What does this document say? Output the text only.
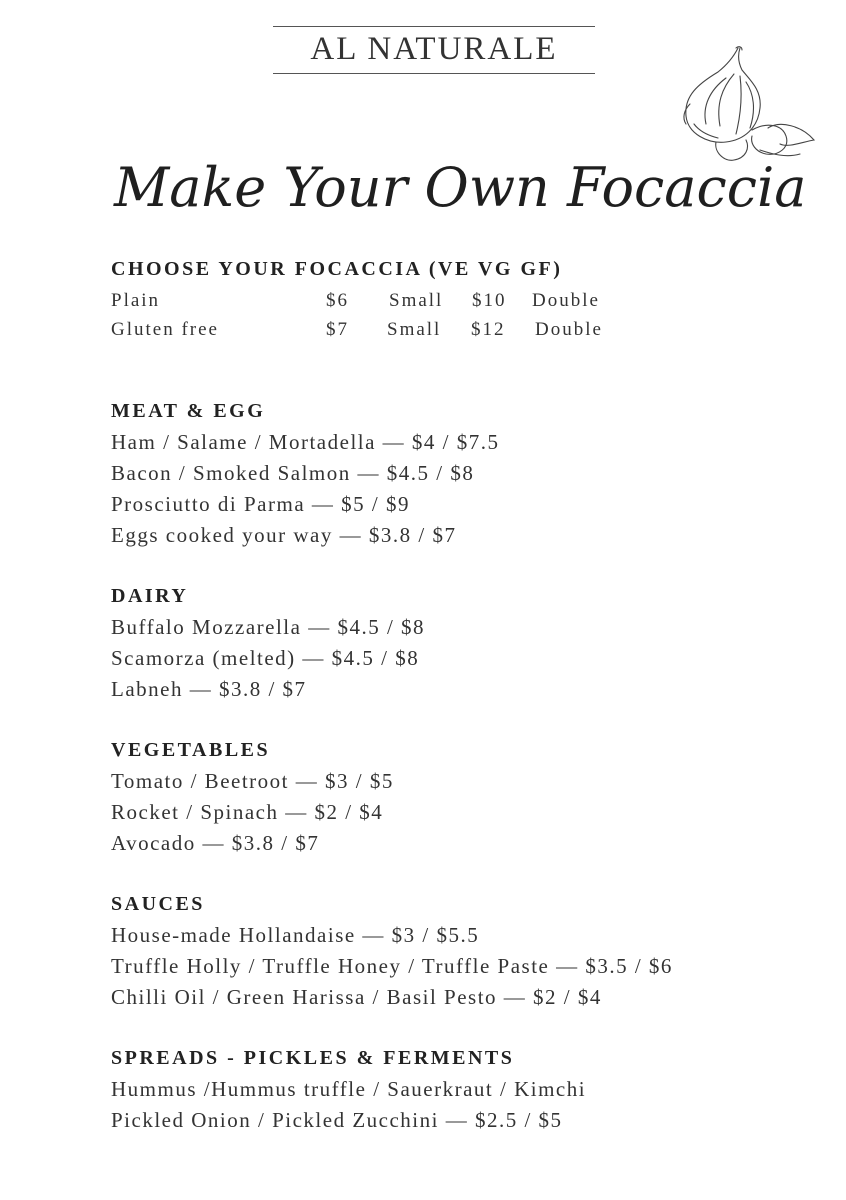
AL NATURALE
Make Your Own Focaccia
CHOOSE YOUR FOCACCIA (VE VG GF)
Plain	$6 Small $10 Double
Gluten free	$7 Small $12 Double
MEAT & EGG
Ham / Salame / Mortadella — $4 / $7.5
Bacon / Smoked Salmon — $4.5 / $8
Prosciutto di Parma — $5 / $9
Eggs cooked your way — $3.8 / $7
DAIRY
Buffalo Mozzarella — $4.5 / $8
Scamorza (melted) — $4.5 / $8
Labneh — $3.8 / $7
VEGETABLES
Tomato / Beetroot — $3 / $5
Rocket / Spinach — $2 / $4
Avocado — $3.8 / $7
SAUCES
House-made Hollandaise — $3 / $5.5
Truffle Holly / Truffle Honey / Truffle Paste — $3.5 / $6
Chilli Oil / Green Harissa / Basil Pesto — $2 / $4
SPREADS - PICKLES & FERMENTS
Hummus /Hummus truffle / Sauerkraut / Kimchi
Pickled Onion / Pickled Zucchini — $2.5 / $5
